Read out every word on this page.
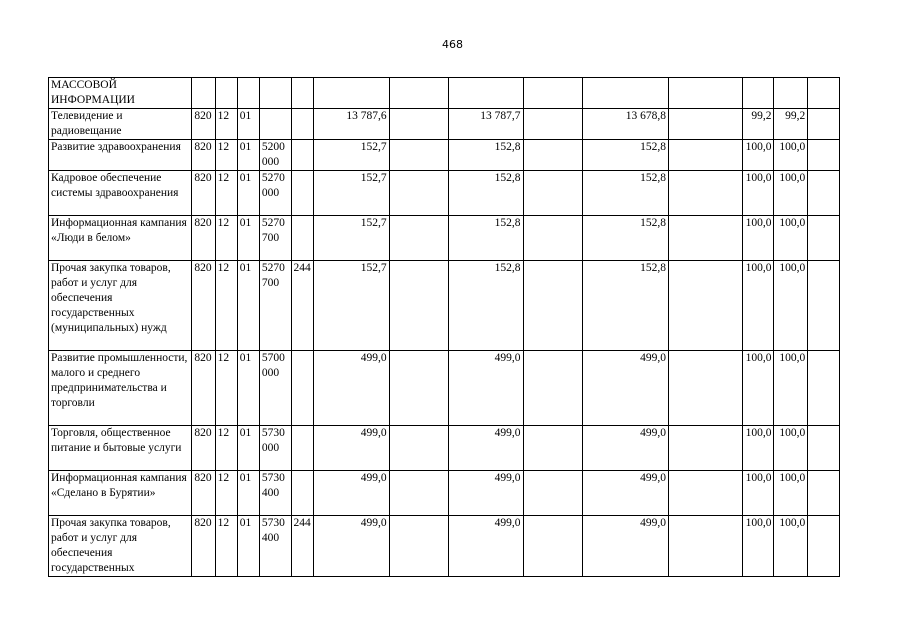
468
МАССОВОЙ ИНФОРМАЦИИ														
Телевидение и радиовещание	820	12	01			13 787,6		13 787,7		13 678,8		99,2	99,2	
Развитие здравоохранения	820	12	01	5200 000		152,7		152,8		152,8		100,0	100,0	
Кадровое обеспечение системы здравоохранения	820	12	01	5270 000		152,7		152,8		152,8		100,0	100,0	
Информационная кампания «Люди в белом»	820	12	01	5270 700		152,7		152,8		152,8		100,0	100,0	
Прочая закупка товаров, работ и услуг для обеспечения государственных (муниципальных) нужд	820	12	01	5270 700	244	152,7		152,8		152,8		100,0	100,0	
Развитие промышленности, малого и среднего предпринимательства и торговли	820	12	01	5700 000		499,0		499,0		499,0		100,0	100,0	
Торговля, общественное питание и бытовые услуги	820	12	01	5730 000		499,0		499,0		499,0		100,0	100,0	
Информационная кампания «Сделано в Бурятии»	820	12	01	5730 400		499,0		499,0		499,0		100,0	100,0	
Прочая закупка товаров, работ и услуг для обеспечения государственных	820	12	01	5730 400	244	499,0		499,0		499,0		100,0	100,0	
